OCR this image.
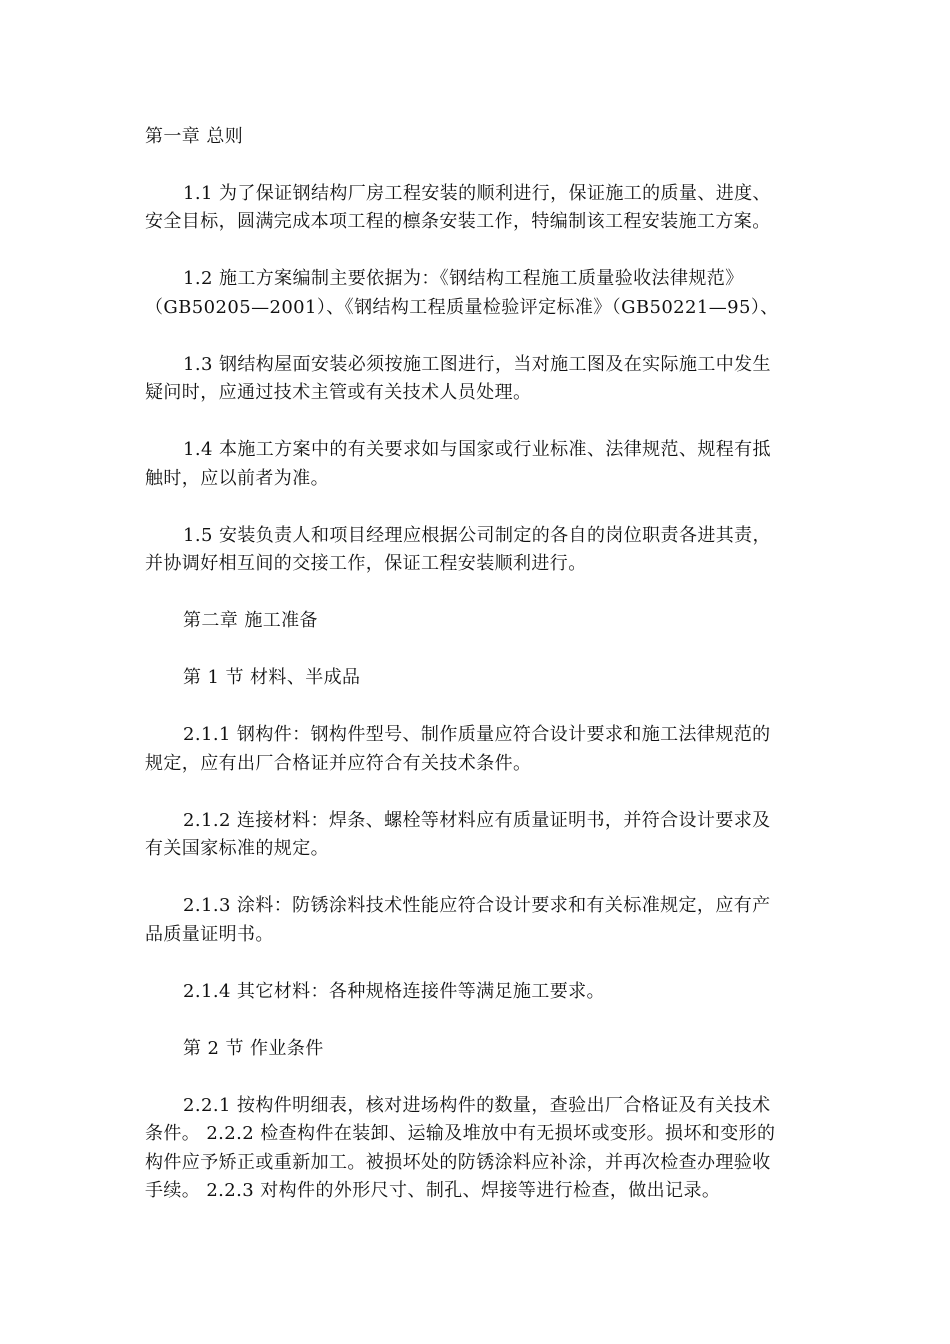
第一章 总则
1.1 为了保证钢结构厂房工程安装的顺利进行，保证施工的质量、进度、
安全目标，圆满完成本项工程的檩条安装工作，特编制该工程安装施工方案。
1.2 施工方案编制主要依据为：《钢结构工程施工质量验收法律规范》
（GB50205—2001）、《钢结构工程质量检验评定标准》（GB50221—95）、
1.3 钢结构屋面安装必须按施工图进行，当对施工图及在实际施工中发生
疑问时，应通过技术主管或有关技术人员处理。
1.4 本施工方案中的有关要求如与国家或行业标准、法律规范、规程有抵
触时，应以前者为准。
1.5 安装负责人和项目经理应根据公司制定的各自的岗位职责各进其责，
并协调好相互间的交接工作，保证工程安装顺利进行。
第二章 施工准备
第 1 节 材料、半成品
2.1.1 钢构件：钢构件型号、制作质量应符合设计要求和施工法律规范的
规定，应有出厂合格证并应符合有关技术条件。
2.1.2 连接材料：焊条、螺栓等材料应有质量证明书，并符合设计要求及
有关国家标准的规定。
2.1.3 涂料：防锈涂料技术性能应符合设计要求和有关标准规定，应有产
品质量证明书。
2.1.4 其它材料：各种规格连接件等满足施工要求。
第 2 节 作业条件
2.2.1 按构件明细表，核对进场构件的数量，查验出厂合格证及有关技术
条件。 2.2.2 检查构件在装卸、运输及堆放中有无损坏或变形。损坏和变形的
构件应予矫正或重新加工。被损坏处的防锈涂料应补涂，并再次检查办理验收
手续。 2.2.3 对构件的外形尺寸、制孔、焊接等进行检查，做出记录。
